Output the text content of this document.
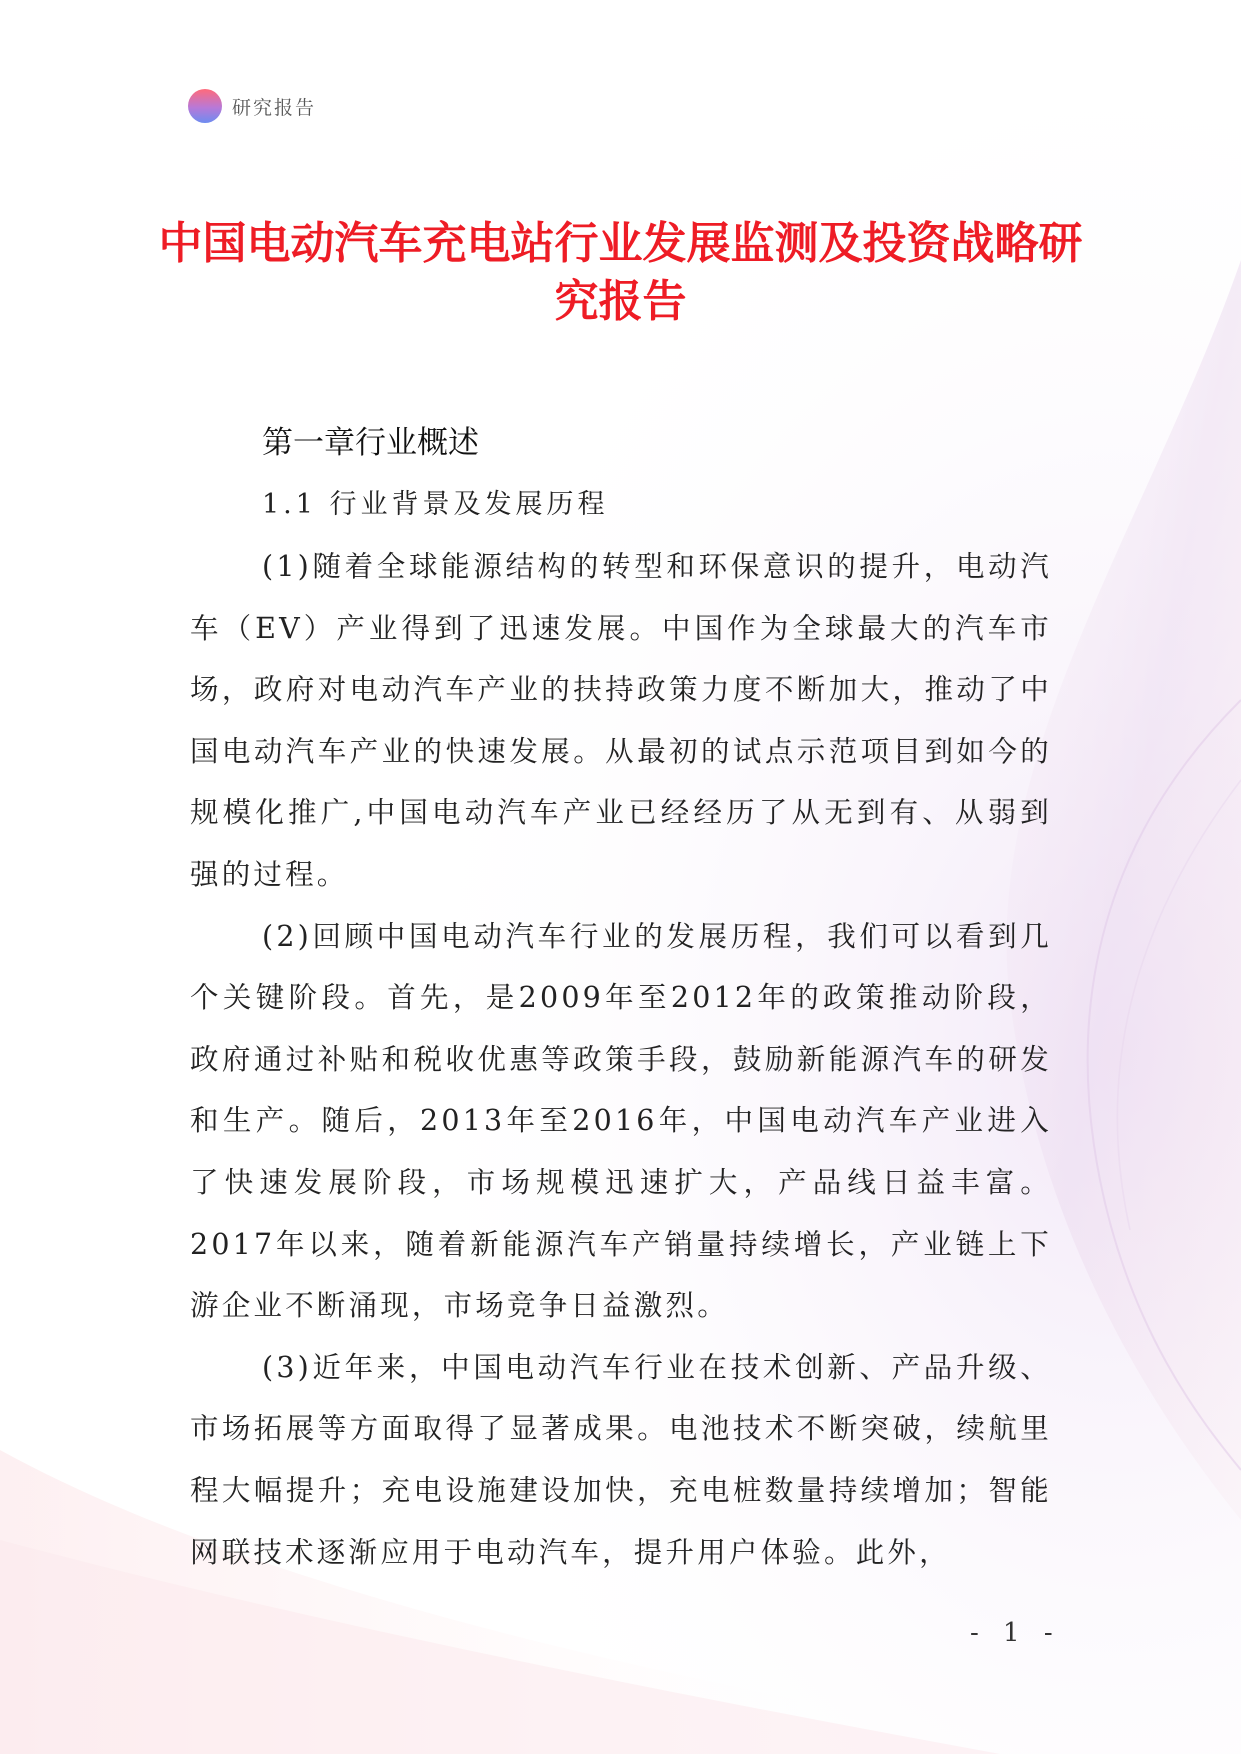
研究报告
中国电动汽车充电站行业发展监测及投资战略研究报告

第一章行业概述

1.1 行业背景及发展历程

(1)随着全球能源结构的转型和环保意识的提升，电动汽车（EV）产业得到了迅速发展。中国作为全球最大的汽车市场，政府对电动汽车产业的扶持政策力度不断加大，推动了中国电动汽车产业的快速发展。从最初的试点示范项目到如今的规模化推广,中国电动汽车产业已经经历了从无到有、从弱到强的过程。

(2)回顾中国电动汽车行业的发展历程，我们可以看到几个关键阶段。首先，是2009年至2012年的政策推动阶段，政府通过补贴和税收优惠等政策手段，鼓励新能源汽车的研发和生产。随后，2013年至2016年，中国电动汽车产业进入了快速发展阶段，市场规模迅速扩大，产品线日益丰富。2017年以来，随着新能源汽车产销量持续增长，产业链上下游企业不断涌现，市场竞争日益激烈。

(3)近年来，中国电动汽车行业在技术创新、产品升级、市场拓展等方面取得了显著成果。电池技术不断突破，续航里程大幅提升；充电设施建设加快，充电桩数量持续增加；智能网联技术逐渐应用于电动汽车，提升用户体验。此外，

- 1 -
